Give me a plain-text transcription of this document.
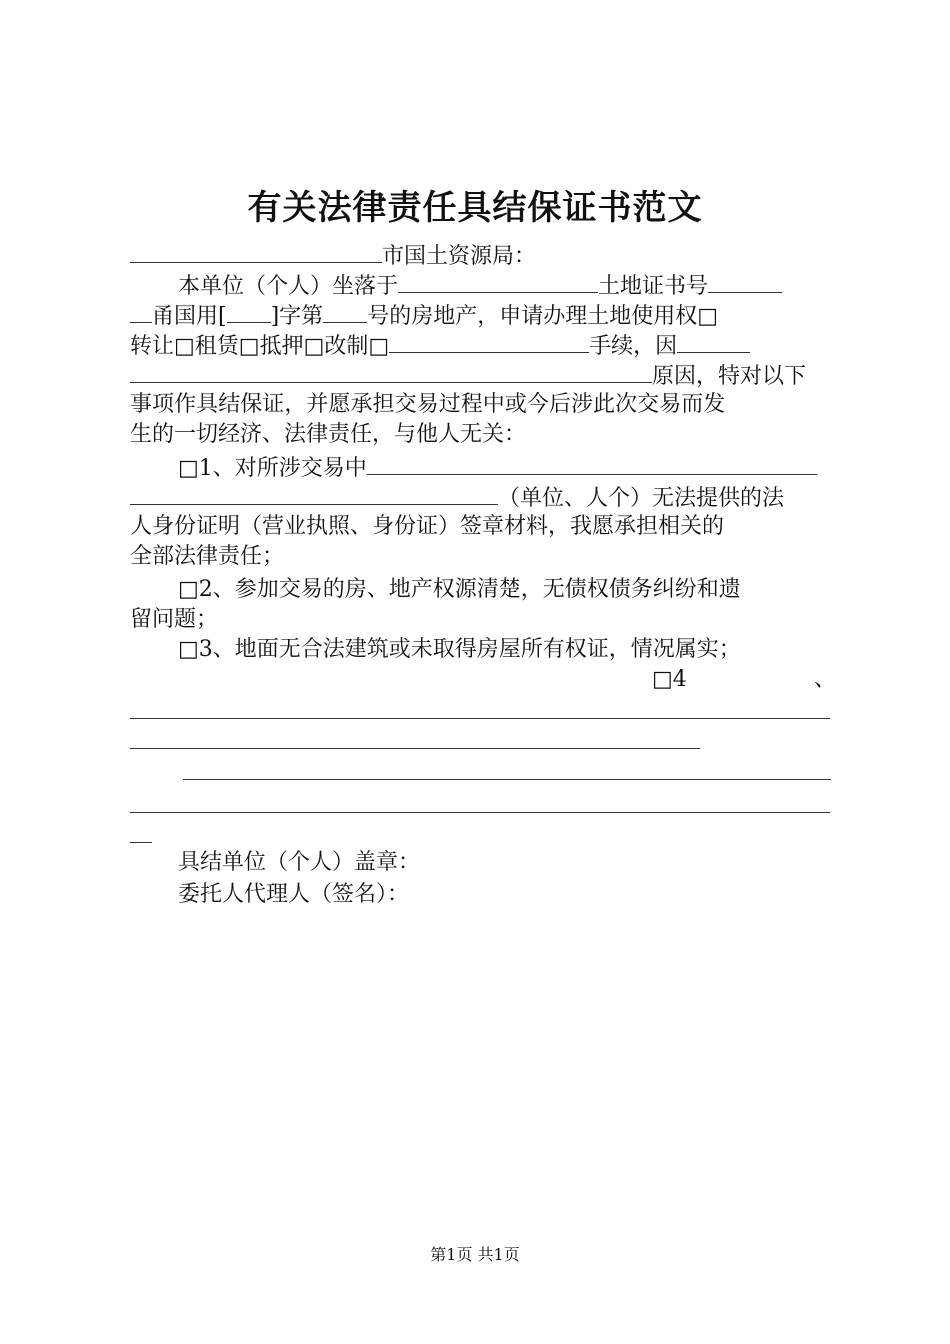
有关法律责任具结保证书范文
市国土资源局：
本单位（个人）坐落于	土地证书号
甬国用[ ]字第 号的房地产，申请办理土地使用权□
转让□租赁□抵押□改制□	手续，因
原因，特对以下
事项作具结保证，并愿承担交易过程中或今后涉此次交易而发
生的一切经济、法律责任，与他人无关：
□1、对所涉交易中
（单位、人个）无法提供的法
人身份证明（营业执照、身份证）签章材料，我愿承担相关的
全部法律责任；
□2、参加交易的房、地产权源清楚，无债权债务纠纷和遗
留问题；
□3、地面无合法建筑或未取得房屋所有权证，情况属实；
□4	、
具结单位（个人）盖章：
委托人代理人（签名）：
第1页 共1页
